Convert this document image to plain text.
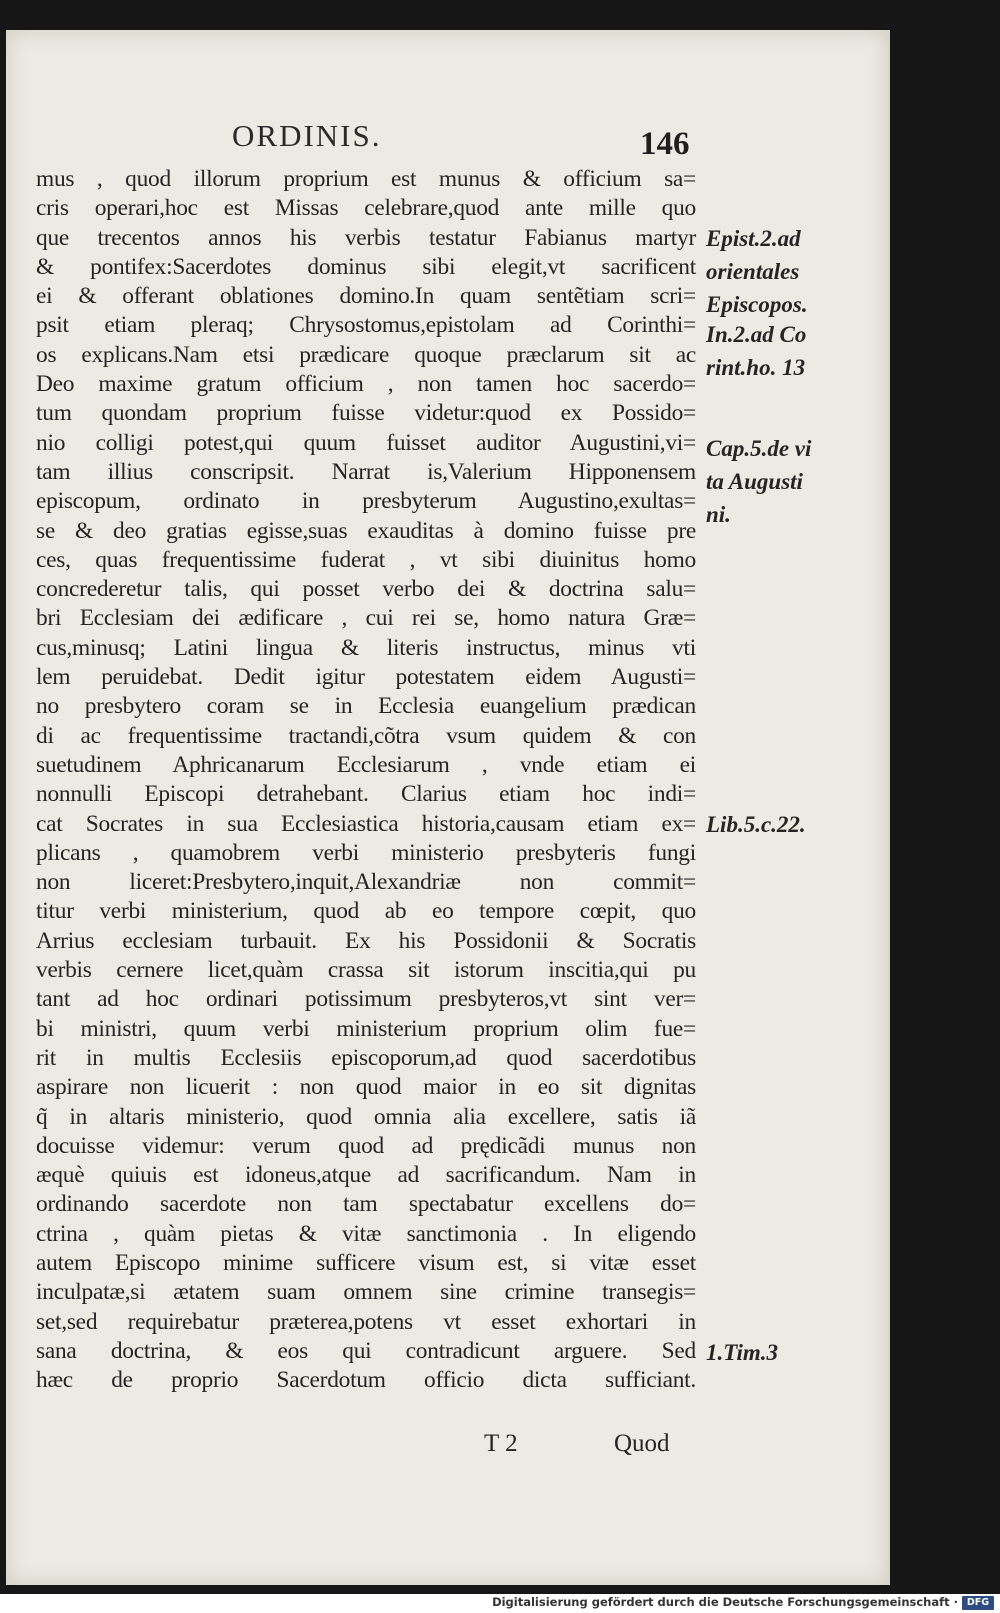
ORDINIS.	146
mus , quod illorum proprium est munus & officium sa=
cris operari,hoc est Missas celebrare,quod ante mille quo
que trecentos annos his verbis testatur Fabianus martyr
& pontifex:Sacerdotes dominus sibi elegit,vt sacrificent
ei & offerant oblationes domino.In quam sentẽtiam scri=
psit etiam pleraq; Chrysostomus,epistolam ad Corinthi=
os explicans.Nam etsi prædicare quoque præclarum sit ac
Deo maxime gratum officium , non tamen hoc sacerdo=
tum quondam proprium fuisse videtur:quod ex Possido=
nio colligi potest,qui quum fuisset auditor Augustini,vi=
tam illius conscripsit. Narrat is,Valerium Hipponensem
episcopum, ordinato in presbyterum Augustino,exultas=
se & deo gratias egisse,suas exauditas à domino fuisse pre
ces, quas frequentissime fuderat , vt sibi diuinitus homo
concrederetur talis, qui posset verbo dei & doctrina salu=
bri Ecclesiam dei ædificare , cui rei se, homo natura Græ=
cus,minusq; Latini lingua & literis instructus, minus vti
lem peruidebat. Dedit igitur potestatem eidem Augusti=
no presbytero coram se in Ecclesia euangelium prædican
di ac frequentissime tractandi,cõtra vsum quidem & con
suetudinem Aphricanarum Ecclesiarum , vnde etiam ei
nonnulli Episcopi detrahebant. Clarius etiam hoc indi=
cat Socrates in sua Ecclesiastica historia,causam etiam ex=
plicans , quamobrem verbi ministerio presbyteris fungi
non liceret:Presbytero,inquit,Alexandriæ non commit=
titur verbi ministerium, quod ab eo tempore cœpit, quo
Arrius ecclesiam turbauit. Ex his Possidonii & Socratis
verbis cernere licet,quàm crassa sit istorum inscitia,qui pu
tant ad hoc ordinari potissimum presbyteros,vt sint ver=
bi ministri, quum verbi ministerium proprium olim fue=
rit in multis Ecclesiis episcoporum,ad quod sacerdotibus
aspirare non licuerit : non quod maior in eo sit dignitas
q̃ in altaris ministerio, quod omnia alia excellere, satis iã
docuisse videmur: verum quod ad prędicãdi munus non
æquè quiuis est idoneus,atque ad sacrificandum. Nam in
ordinando sacerdote non tam spectabatur excellens do=
ctrina , quàm pietas & vitæ sanctimonia . In eligendo
autem Episcopo minime sufficere visum est, si vitæ esset
inculpatæ,si ætatem suam omnem sine crimine transegis=
set,sed requirebatur præterea,potens vt esset exhortari in
sana doctrina, & eos qui contradicunt arguere. Sed
hæc de proprio Sacerdotum officio dicta sufficiant.
Epist.2.ad
orientales
Episcopos.
In.2.ad Co
rint.ho. 13
Cap.5.de vi
ta Augusti
ni.
Lib.5.c.22.
1.Tim.3
T 2	Quod
Digitalisierung gefördert durch die Deutsche Forschungsgemeinschaft · DFG
